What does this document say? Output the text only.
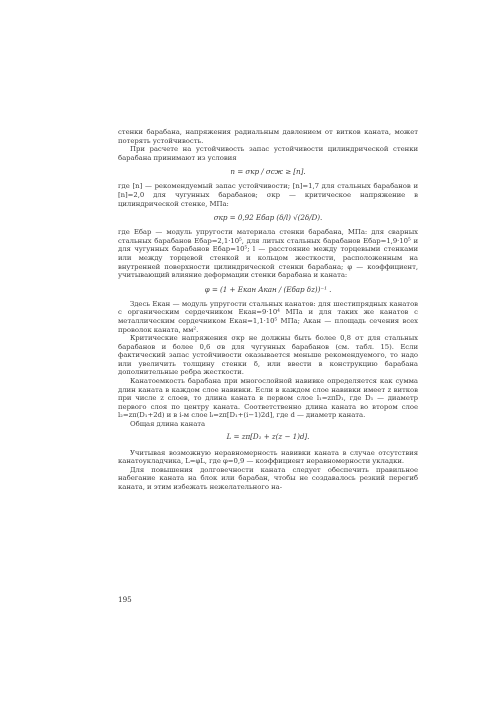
стенки барабана, напряжения радиальным давлением от витков каната, может потерять устойчивость.

При расчете на устойчивость запас устойчивости цилиндрической стенки барабана принимают из условия

n = σкр / σсж ≥ [n].

где [n] — рекомендуемый запас устойчивости; [n]=1,7 для стальных барабанов и [n]=2,0 для чугунных барабанов; σкр — критическое напряжение в цилиндрической стенке, МПа:

σкр = 0,92 Eбар (δ/l) √(2δ/D).

где Eбар — модуль упругости материала стенки барабана, МПа: для сварных стальных барабанов Eбар=2,1·10⁵, для литых стальных барабанов Eбар=1,9·10⁵ и для чугунных барабанов Eбар=10⁵; l — расстояние между торцевыми стенками или между торцевой стенкой и кольцом жесткости, расположенным на внутренней поверхности цилиндрической стенки барабана; φ — коэффициент, учитывающий влияние деформации стенки барабана и каната:

φ = (1 + Eкан Aкан / (Eбар δz))⁻¹ .

Здесь Eкан — модуль упругости стальных канатов: для шестипрядных канатов с органическим сердечником Eкан=9·10⁴ МПа и для таких же канатов с металлическим сердечником Eкан=1,1·10⁵ МПа; Aкан — площадь сечения всех проволок каната, мм².

Критические напряжения σкр не должны быть более 0,8 σт для стальных барабанов и более 0,6 σв для чугунных барабанов (см. табл. 15). Если фактический запас устойчивости оказывается меньше рекомендуемого, то надо или увеличить толщину стенки δ, или ввести в конструкцию барабана дополнительные ребра жесткости.

Канатоемкость барабана при многослойной навивке определяется как сумма длин каната в каждом слое навивки. Если в каждом слое навивки имеет z витков при числе z слоев, то длина каната в первом слое l₁=zπD₁, где D₁ — диаметр первого слоя по центру каната. Соответственно длина каната во втором слое l₂=zπ(D₁+2d) и в i-м слое lᵢ=zπ[D₁+(i−1)2d], где d — диаметр каната.

Общая длина каната

L = zπ[D₁ + z(z − 1)d].

Учитывая возможную неравномерность навивки каната в случае отсутствия канатоукладчика, L=φL, где φ=0,9 — коэффициент неравномерности укладки.

Для повышения долговечности каната следует обеспечить правильное набегание каната на блок или барабан, чтобы не создавалось резкий перегиб каната, и этим избежать нежелательного на-

195
